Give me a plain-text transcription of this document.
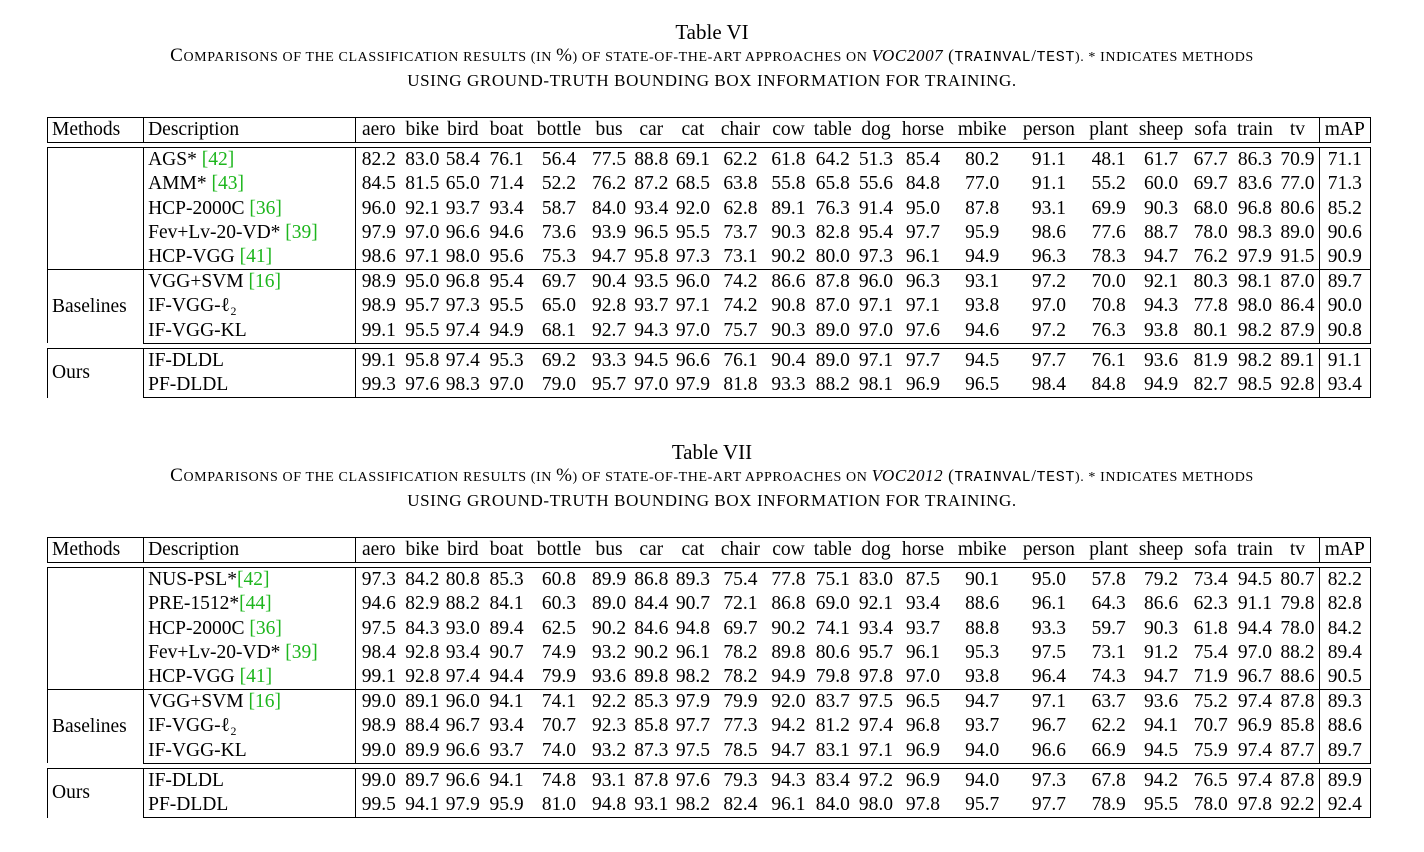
Table VI

COMPARISONS OF THE CLASSIFICATION RESULTS (IN %) OF STATE-OF-THE-ART APPROACHES ON VOC2007 (TRAINVAL/TEST). * INDICATES METHODS

USING GROUND-TRUTH BOUNDING BOX INFORMATION FOR TRAINING.

Methods	Description	aero	bike	bird	boat	bottle	bus	car	cat	chair	cow	table	dog	horse	mbike	person	plant	sheep	sofa	train	tv	mAP

	AGS* [42]	82.2	83.0	58.4	76.1	56.4	77.5	88.8	69.1	62.2	61.8	64.2	51.3	85.4	80.2	91.1	48.1	61.7	67.7	86.3	70.9	71.1
	AMM* [43]	84.5	81.5	65.0	71.4	52.2	76.2	87.2	68.5	63.8	55.8	65.8	55.6	84.8	77.0	91.1	55.2	60.0	69.7	83.6	77.0	71.3
	HCP-2000C [36]	96.0	92.1	93.7	93.4	58.7	84.0	93.4	92.0	62.8	89.1	76.3	91.4	95.0	87.8	93.1	69.9	90.3	68.0	96.8	80.6	85.2
	Fev+Lv-20-VD* [39]	97.9	97.0	96.6	94.6	73.6	93.9	96.5	95.5	73.7	90.3	82.8	95.4	97.7	95.9	98.6	77.6	88.7	78.0	98.3	89.0	90.6
	HCP-VGG [41]	98.6	97.1	98.0	95.6	75.3	94.7	95.8	97.3	73.1	90.2	80.0	97.3	96.1	94.9	96.3	78.3	94.7	76.2	97.9	91.5	90.9
Baselines	VGG+SVM [16]	98.9	95.0	96.8	95.4	69.7	90.4	93.5	96.0	74.2	86.6	87.8	96.0	96.3	93.1	97.2	70.0	92.1	80.3	98.1	87.0	89.7
	IF-VGG-ℓ₂	98.9	95.7	97.3	95.5	65.0	92.8	93.7	97.1	74.2	90.8	87.0	97.1	97.1	93.8	97.0	70.8	94.3	77.8	98.0	86.4	90.0
	IF-VGG-KL	99.1	95.5	97.4	94.9	68.1	92.7	94.3	97.0	75.7	90.3	89.0	97.0	97.6	94.6	97.2	76.3	93.8	80.1	98.2	87.9	90.8

Ours	IF-DLDL	99.1	95.8	97.4	95.3	69.2	93.3	94.5	96.6	76.1	90.4	89.0	97.1	97.7	94.5	97.7	76.1	93.6	81.9	98.2	89.1	91.1
	PF-DLDL	99.3	97.6	98.3	97.0	79.0	95.7	97.0	97.9	81.8	93.3	88.2	98.1	96.9	96.5	98.4	84.8	94.9	82.7	98.5	92.8	93.4

Table VII

COMPARISONS OF THE CLASSIFICATION RESULTS (IN %) OF STATE-OF-THE-ART APPROACHES ON VOC2012 (TRAINVAL/TEST). * INDICATES METHODS

USING GROUND-TRUTH BOUNDING BOX INFORMATION FOR TRAINING.

Methods	Description	aero	bike	bird	boat	bottle	bus	car	cat	chair	cow	table	dog	horse	mbike	person	plant	sheep	sofa	train	tv	mAP

	NUS-PSL*[42]	97.3	84.2	80.8	85.3	60.8	89.9	86.8	89.3	75.4	77.8	75.1	83.0	87.5	90.1	95.0	57.8	79.2	73.4	94.5	80.7	82.2
	PRE-1512*[44]	94.6	82.9	88.2	84.1	60.3	89.0	84.4	90.7	72.1	86.8	69.0	92.1	93.4	88.6	96.1	64.3	86.6	62.3	91.1	79.8	82.8
	HCP-2000C [36]	97.5	84.3	93.0	89.4	62.5	90.2	84.6	94.8	69.7	90.2	74.1	93.4	93.7	88.8	93.3	59.7	90.3	61.8	94.4	78.0	84.2
	Fev+Lv-20-VD* [39]	98.4	92.8	93.4	90.7	74.9	93.2	90.2	96.1	78.2	89.8	80.6	95.7	96.1	95.3	97.5	73.1	91.2	75.4	97.0	88.2	89.4
	HCP-VGG [41]	99.1	92.8	97.4	94.4	79.9	93.6	89.8	98.2	78.2	94.9	79.8	97.8	97.0	93.8	96.4	74.3	94.7	71.9	96.7	88.6	90.5
Baselines	VGG+SVM [16]	99.0	89.1	96.0	94.1	74.1	92.2	85.3	97.9	79.9	92.0	83.7	97.5	96.5	94.7	97.1	63.7	93.6	75.2	97.4	87.8	89.3
	IF-VGG-ℓ₂	98.9	88.4	96.7	93.4	70.7	92.3	85.8	97.7	77.3	94.2	81.2	97.4	96.8	93.7	96.7	62.2	94.1	70.7	96.9	85.8	88.6
	IF-VGG-KL	99.0	89.9	96.6	93.7	74.0	93.2	87.3	97.5	78.5	94.7	83.1	97.1	96.9	94.0	96.6	66.9	94.5	75.9	97.4	87.7	89.7

Ours	IF-DLDL	99.0	89.7	96.6	94.1	74.8	93.1	87.8	97.6	79.3	94.3	83.4	97.2	96.9	94.0	97.3	67.8	94.2	76.5	97.4	87.8	89.9
	PF-DLDL	99.5	94.1	97.9	95.9	81.0	94.8	93.1	98.2	82.4	96.1	84.0	98.0	97.8	95.7	97.7	78.9	95.5	78.0	97.8	92.2	92.4
